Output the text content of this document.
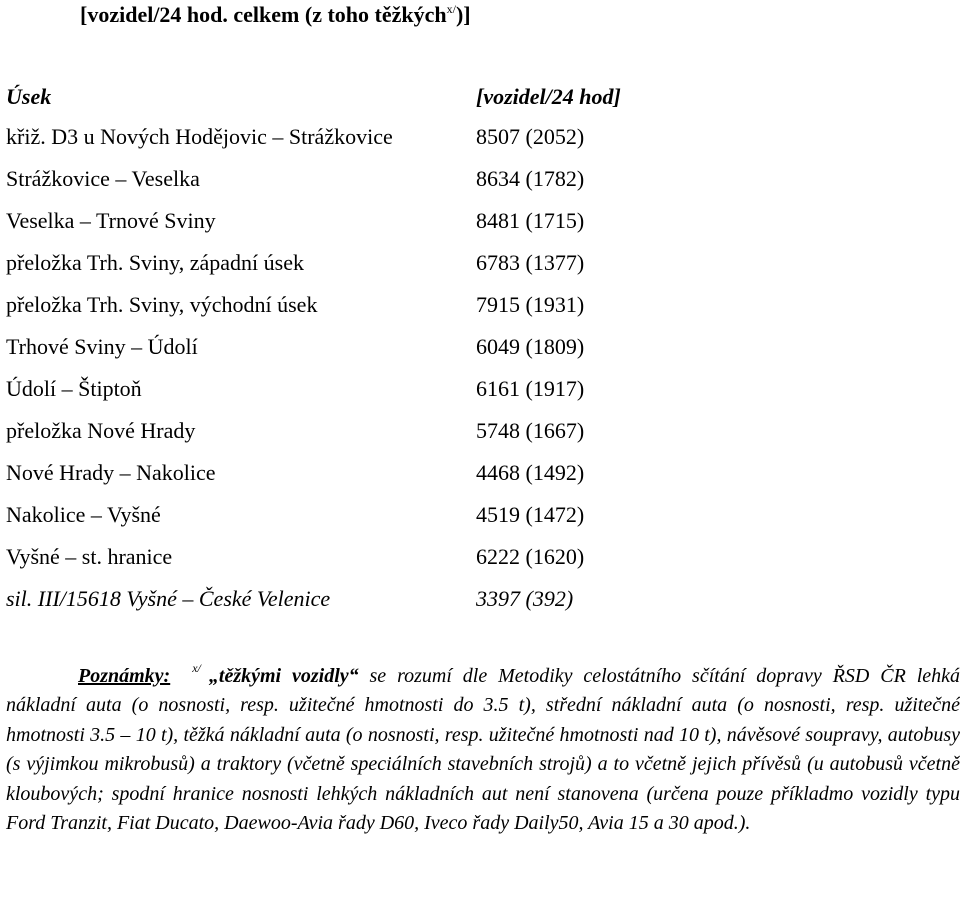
[vozidel/24 hod. celkem (z toho těžkých$^{x/}$)]
Úsek	[vozidel/24 hod]
křiž. D3 u Nových Hodějovic – Strážkovice	8507 (2052)
Strážkovice – Veselka	8634 (1782)
Veselka – Trnové Sviny	8481 (1715)
přeložka Trh. Sviny, západní úsek	6783 (1377)
přeložka Trh. Sviny, východní úsek	7915 (1931)
Trhové Sviny – Údolí	6049 (1809)
Údolí – Štiptoň	6161 (1917)
přeložka Nové Hrady	5748 (1667)
Nové Hrady – Nakolice	4468 (1492)
Nakolice – Vyšné	4519 (1472)
Vyšné – st. hranice	6222 (1620)
sil. III/15618 Vyšné – České Velenice	3397 (392)
Poznámky: $^{x/}$ „těžkými vozidly“ se rozumí dle Metodiky celostátního sčítání dopravy ŘSD ČR lehká nákladní auta (o nosnosti, resp. užitečné hmotnosti do 3.5 t), střední nákladní auta (o nosnosti, resp. užitečné hmotnosti 3.5 – 10 t), těžká nákladní auta (o nosnosti, resp. užitečné hmotnosti nad 10 t), návěsové soupravy, autobusy (s výjimkou mikrobusů) a traktory (včetně speciálních stavebních strojů) a to včetně jejich přívěsů (u autobusů včetně kloubových; spodní hranice nosnosti lehkých nákladních aut není stanovena (určena pouze příkladmo vozidly typu Ford Tranzit, Fiat Ducato, Daewoo-Avia řady D60, Iveco řady Daily50, Avia 15 a 30 apod.).
